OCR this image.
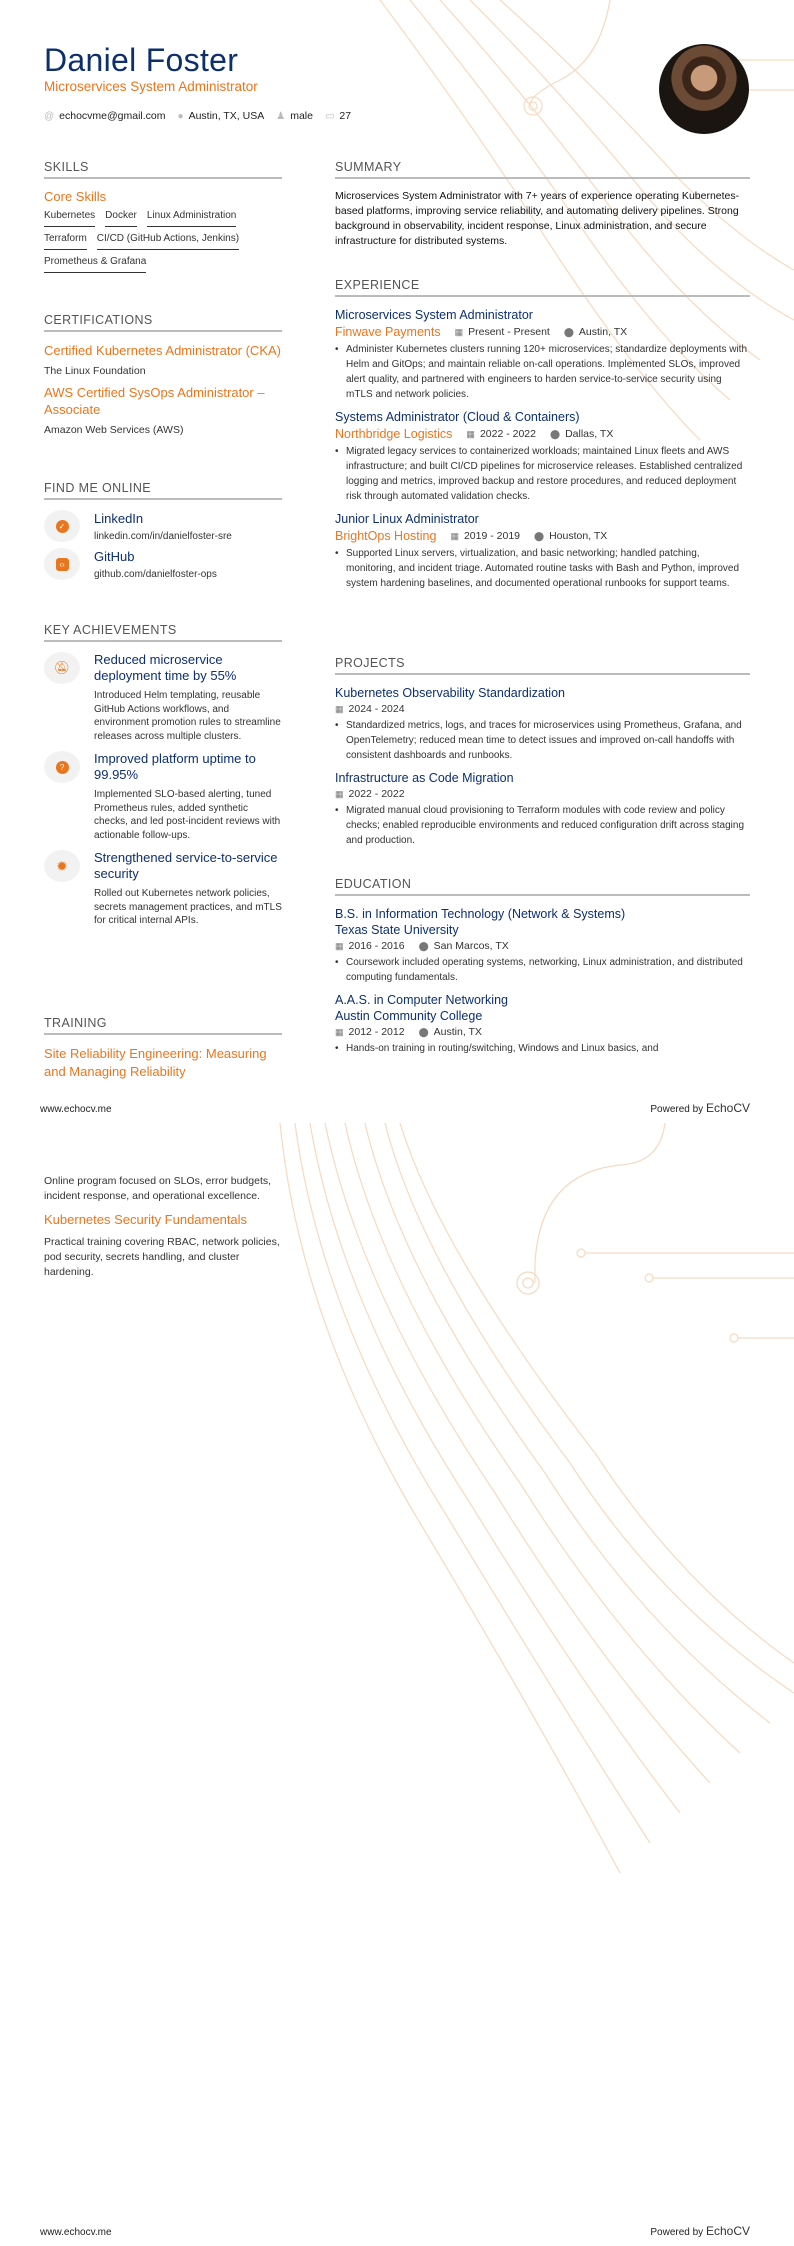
Daniel Foster
Microservices System Administrator
@ echocvme@gmail.com ● Austin, TX, USA ♟ male ▭ 27
SKILLS
Core Skills
Kubernetes Docker Linux Administration
Terraform CI/CD (GitHub Actions, Jenkins)
Prometheus & Grafana
CERTIFICATIONS
Certified Kubernetes Administrator (CKA)
The Linux Foundation
AWS Certified SysOps Administrator – Associate
Amazon Web Services (AWS)
FIND ME ONLINE
✓ LinkedIn
linkedin.com/in/danielfoster-sre
‹› GitHub
github.com/danielfoster-ops
KEY ACHIEVEMENTS
🔕︎
Reduced microservice deployment time by 55%
Introduced Helm templating, reusable GitHub Actions workflows, and environment promotion rules to streamline releases across multiple clusters.
?
Improved platform uptime to 99.95%
Implemented SLO-based alerting, tuned Prometheus rules, added synthetic checks, and led post-incident reviews with actionable follow-ups.
✹ Strengthened service-to-service security
Rolled out Kubernetes network policies, secrets management practices, and mTLS for critical internal APIs.
TRAINING
Site Reliability Engineering: Measuring and Managing Reliability
SUMMARY
Microservices System Administrator with 7+ years of experience operating Kubernetes-based platforms, improving service reliability, and automating delivery pipelines. Strong background in observability, incident response, Linux administration, and secure infrastructure for distributed systems.
EXPERIENCE
Microservices System Administrator
Finwave Payments ▦ Present - Present ⬤ Austin, TX
• Administer Kubernetes clusters running 120+ microservices; standardize deployments with Helm and GitOps; and maintain reliable on-call operations. Implemented SLOs, improved alert quality, and partnered with engineers to harden service-to-service security using mTLS and network policies.
Systems Administrator (Cloud & Containers)
Northbridge Logistics ▦ 2022 - 2022 ⬤ Dallas, TX
• Migrated legacy services to containerized workloads; maintained Linux fleets and AWS infrastructure; and built CI/CD pipelines for microservice releases. Established centralized logging and metrics, improved backup and restore procedures, and reduced deployment risk through automated validation checks.
Junior Linux Administrator
BrightOps Hosting ▦ 2019 - 2019 ⬤ Houston, TX
• Supported Linux servers, virtualization, and basic networking; handled patching, monitoring, and incident triage. Automated routine tasks with Bash and Python, improved system hardening baselines, and documented operational runbooks for support teams.
PROJECTS
Kubernetes Observability Standardization
▦ 2024 - 2024
• Standardized metrics, logs, and traces for microservices using Prometheus, Grafana, and OpenTelemetry; reduced mean time to detect issues and improved on-call handoffs with consistent dashboards and runbooks.
Infrastructure as Code Migration
▦ 2022 - 2022
• Migrated manual cloud provisioning to Terraform modules with code review and policy checks; enabled reproducible environments and reduced configuration drift across staging and production.
EDUCATION
B.S. in Information Technology (Network & Systems)
Texas State University
▦ 2016 - 2016 ⬤ San Marcos, TX
• Coursework included operating systems, networking, Linux administration, and distributed computing fundamentals.
A.A.S. in Computer Networking
Austin Community College
▦ 2012 - 2012 ⬤ Austin, TX
• Hands-on training in routing/switching, Windows and Linux basics, and
www.echocv.me	Powered by EchoCV
Online program focused on SLOs, error budgets, incident response, and operational excellence.
Kubernetes Security Fundamentals
Practical training covering RBAC, network policies, pod security, secrets handling, and cluster hardening.
www.echocv.me	Powered by EchoCV
